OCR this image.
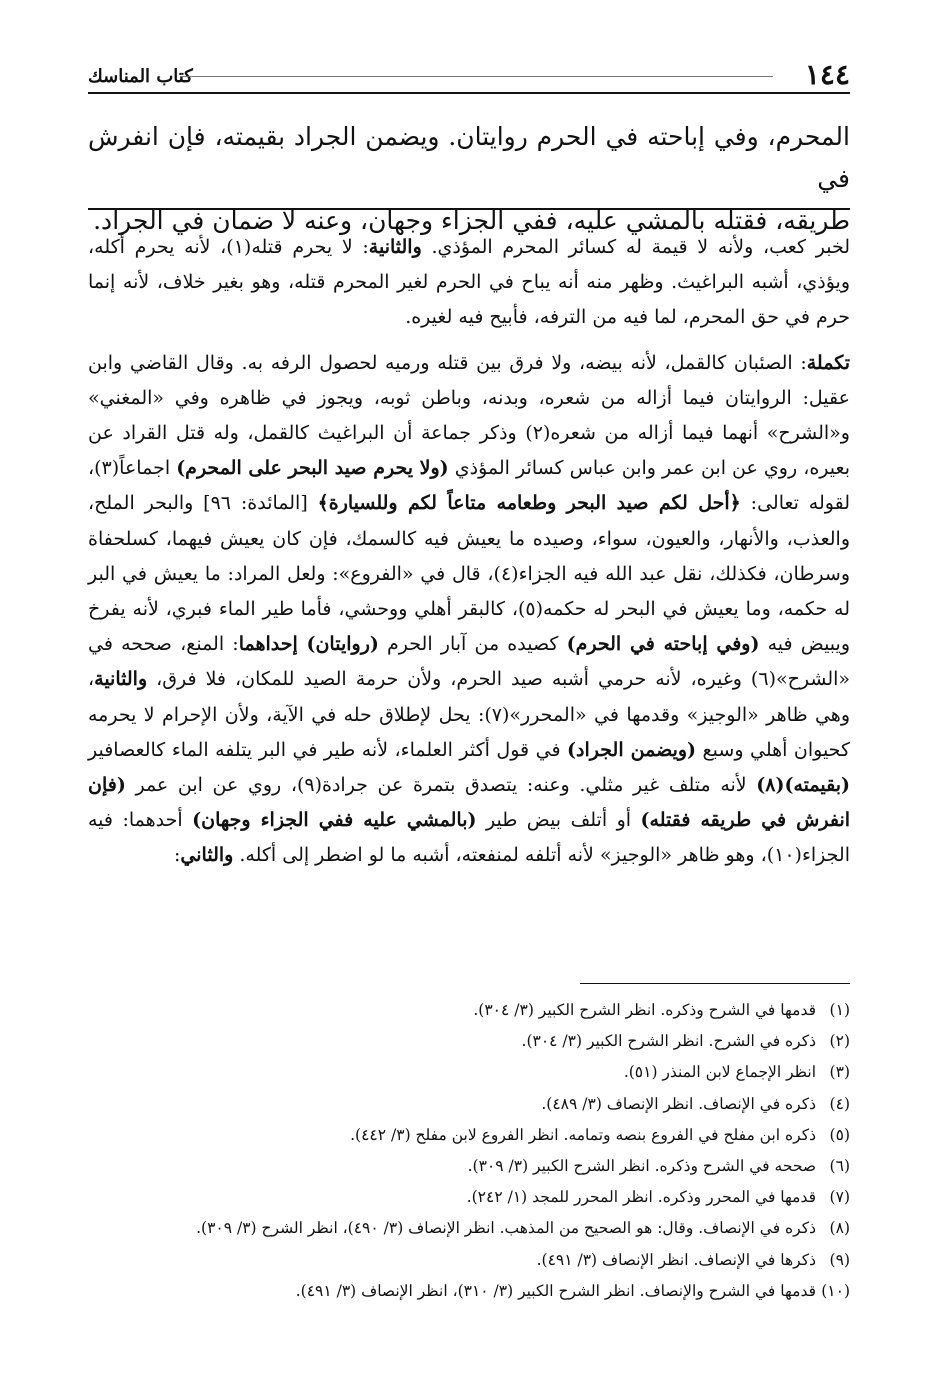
١٤٤
كتاب المناسك
المحرم، وفي إباحته في الحرم روايتان. ويضمن الجراد بقيمته، فإن انفرش في
طريقه، فقتله بالمشي عليه، ففي الجزاء وجهان، وعنه لا ضمان في الجراد.

لخبر كعب، ولأنه لا قيمة له كسائر المحرم المؤذي. والثانية: لا يحرم قتله(١)، لأنه يحرم أكله، ويؤذي، أشبه البراغيث. وظهر منه أنه يباح في الحرم لغير المحرم قتله، وهو بغير خلاف، لأنه إنما حرم في حق المحرم، لما فيه من الترفه، فأبيح فيه لغيره.

تكملة: الصئبان كالقمل، لأنه بيضه، ولا فرق بين قتله ورميه لحصول الرفه به. وقال القاضي وابن عقيل: الروايتان فيما أزاله من شعره، وبدنه، وباطن ثوبه، ويجوز في ظاهره وفي «المغني» و«الشرح» أنهما فيما أزاله من شعره(٢) وذكر جماعة أن البراغيث كالقمل، وله قتل القراد عن بعيره، روي عن ابن عمر وابن عباس كسائر المؤذي (ولا يحرم صيد البحر على المحرم) اجماعاً(٣)، لقوله تعالى: ﴿أحل لكم صيد البحر وطعامه متاعاً لكم وللسيارة﴾ [المائدة: ٩٦] والبحر الملح، والعذب، والأنهار، والعيون، سواء، وصيده ما يعيش فيه كالسمك، فإن كان يعيش فيهما، كسلحفاة وسرطان، فكذلك، نقل عبد الله فيه الجزاء(٤)، قال في «الفروع»: ولعل المراد: ما يعيش في البر له حكمه، وما يعيش في البحر له حكمه(٥)، كالبقر أهلي ووحشي، فأما طير الماء فبري، لأنه يفرخ ويبيض فيه (وفي إباحته في الحرم) كصيده من آبار الحرم (روايتان) إحداهما: المنع، صححه في «الشرح»(٦) وغيره، لأنه حرمي أشبه صيد الحرم، ولأن حرمة الصيد للمكان، فلا فرق، والثانية، وهي ظاهر «الوجيز» وقدمها في «المحرر»(٧): يحل لإطلاق حله في الآية، ولأن الإحرام لا يحرمه كحيوان أهلي وسبع (ويضمن الجراد) في قول أكثر العلماء، لأنه طير في البر يتلفه الماء كالعصافير (بقيمته)(٨) لأنه متلف غير مثلي. وعنه: يتصدق بتمرة عن جرادة(٩)، روي عن ابن عمر (فإن انفرش في طريقه فقتله) أو أتلف بيض طير (بالمشي عليه ففي الجزاء وجهان) أحدهما: فيه الجزاء(١٠)، وهو ظاهر «الوجيز» لأنه أتلفه لمنفعته، أشبه ما لو اضطر إلى أكله. والثاني:

(١)قدمها في الشرح وذكره. انظر الشرح الكبير (٣/ ٣٠٤).
(٢)ذكره في الشرح. انظر الشرح الكبير (٣/ ٣٠٤).
(٣)انظر الإجماع لابن المنذر (٥١).
(٤)ذكره في الإنصاف. انظر الإنصاف (٣/ ٤٨٩).
(٥)ذكره ابن مفلح في الفروع بنصه وتمامه. انظر الفروع لابن مفلح (٣/ ٤٤٢).
(٦)صححه في الشرح وذكره. انظر الشرح الكبير (٣/ ٣٠٩).
(٧)قدمها في المحرر وذكره. انظر المحرر للمجد (١/ ٢٤٢).
(٨)ذكره في الإنصاف. وقال: هو الصحيح من المذهب. انظر الإنصاف (٣/ ٤٩٠)، انظر الشرح (٣/ ٣٠٩).
(٩)ذكرها في الإنصاف. انظر الإنصاف (٣/ ٤٩١).
(١٠)قدمها في الشرح والإنصاف. انظر الشرح الكبير (٣/ ٣١٠)، انظر الإنصاف (٣/ ٤٩١).
